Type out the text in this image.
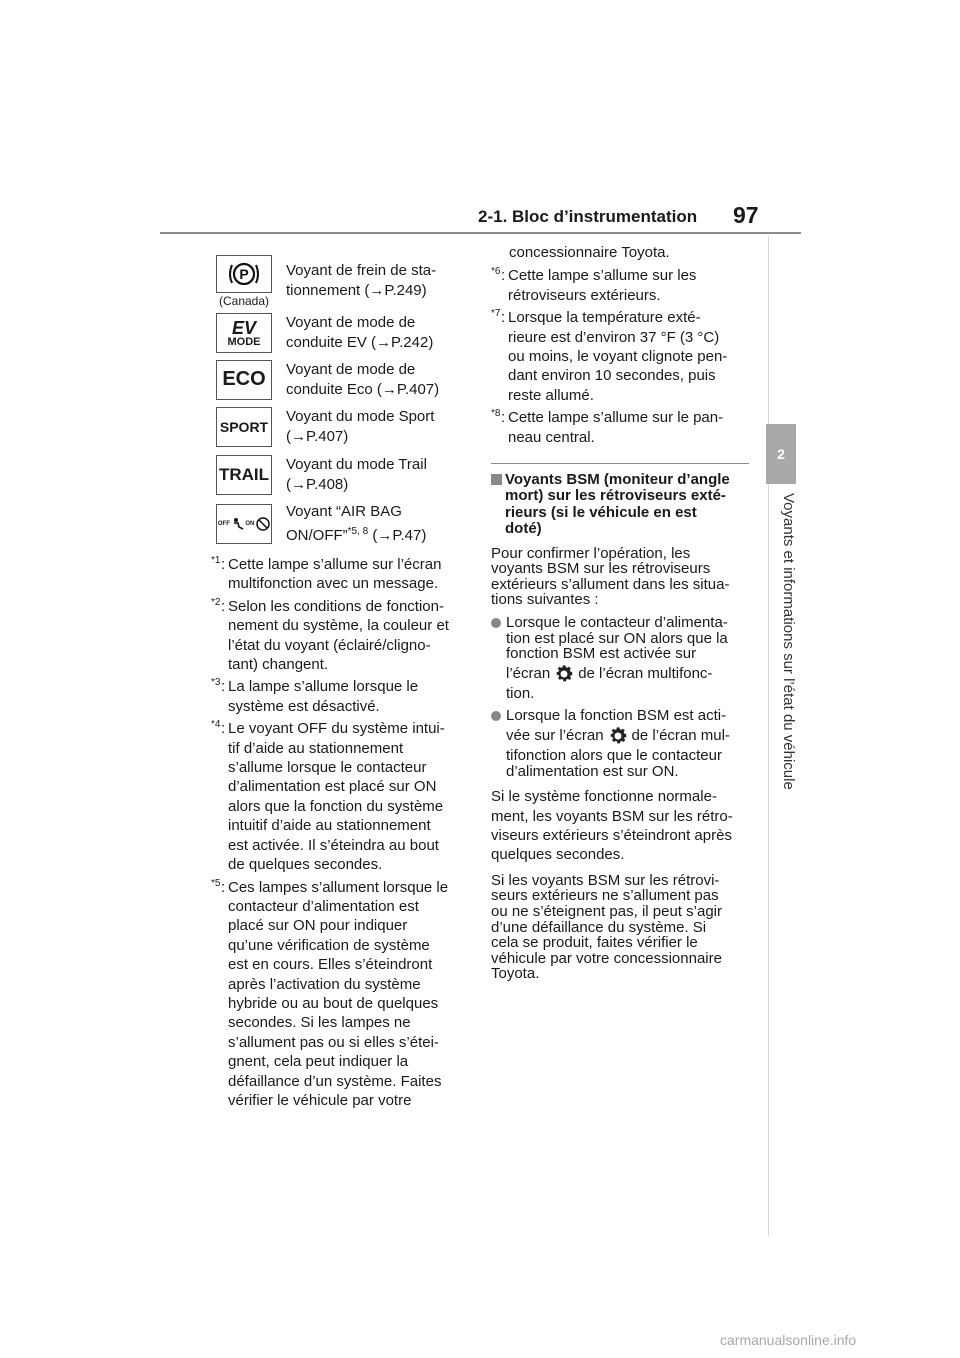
2-1. Bloc d’instrumentation 97
2
Voyants et informations sur l’état du véhicule
P
(Canada)
Voyant de frein de sta-
tionnement (→P.249)
EV
MODE
Voyant de mode de
conduite EV (→P.242)
ECO Voyant de mode de
conduite Eco (→P.407)
SPORT
Voyant du mode Sport
(→P.407)
TRAIL
Voyant du mode Trail
(→P.408)
OFF	ON
Voyant “AIR BAG
ON/OFF”$^{*5, 8}$ (→P.47)
*1 : Cette lampe s’allume sur l’écran
multifonction avec un message.
*2 : Selon les conditions de fonction-
nement du système, la couleur et
l’état du voyant (éclairé/cligno-
tant) changent.
*3 : La lampe s’allume lorsque le
système est désactivé.
*4 : Le voyant OFF du système intui-
tif d’aide au stationnement
s’allume lorsque le contacteur
d’alimentation est placé sur ON
alors que la fonction du système
intuitif d’aide au stationnement
est activée. Il s’éteindra au bout
de quelques secondes.
*5 : Ces lampes s’allument lorsque le
contacteur d’alimentation est
placé sur ON pour indiquer
qu’une vérification de système
est en cours. Elles s’éteindront
après l’activation du système
hybride ou au bout de quelques
secondes. Si les lampes ne
s’allument pas ou si elles s’étei-
gnent, cela peut indiquer la
défaillance d’un système. Faites
vérifier le véhicule par votre
concessionnaire Toyota.
*6 : Cette lampe s’allume sur les
rétroviseurs extérieurs.
*7 : Lorsque la température exté-
rieure est d’environ 37 °F (3 °C)
ou moins, le voyant clignote pen-
dant environ 10 secondes, puis
reste allumé.
*8 : Cette lampe s’allume sur le pan-
neau central.
Voyants BSM (moniteur d’angle
mort) sur les rétroviseurs exté-
rieurs (si le véhicule en est
doté)
Pour confirmer l’opération, les
voyants BSM sur les rétroviseurs
extérieurs s’allument dans les situa-
tions suivantes :
Lorsque le contacteur d’alimenta-
tion est placé sur ON alors que la
fonction BSM est activée sur
l’écran de l’écran multifonc-
tion.
Lorsque la fonction BSM est acti-
vée sur l’écran de l’écran mul-
tifonction alors que le contacteur
d’alimentation est sur ON.
Si le système fonctionne normale-
ment, les voyants BSM sur les rétro-
viseurs extérieurs s’éteindront après
quelques secondes.
Si les voyants BSM sur les rétrovi-
seurs extérieurs ne s’allument pas
ou ne s’éteignent pas, il peut s’agir
d’une défaillance du système. Si
cela se produit, faites vérifier le
véhicule par votre concessionnaire
Toyota.
carmanualsonline.info
